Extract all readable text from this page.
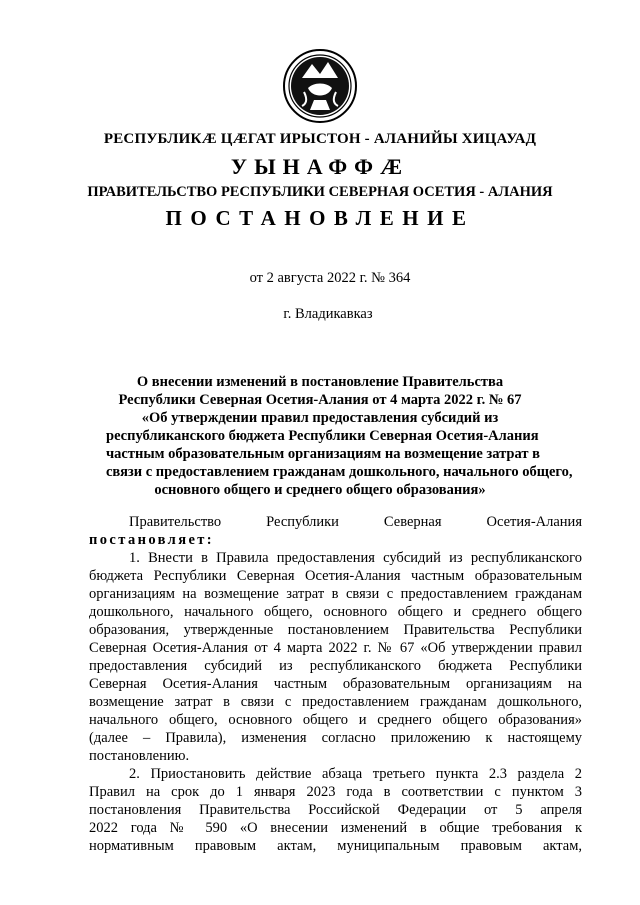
РЕСПУБЛИКӔ ЦӔГАТ ИРЫСТОН - АЛАНИЙЫ ХИЦАУАД
УЫНАФФӔ
ПРАВИТЕЛЬСТВО РЕСПУБЛИКИ СЕВЕРНАЯ ОСЕТИЯ - АЛАНИЯ
ПОСТАНОВЛЕНИЕ
от 2 августа 2022 г. № 364
г. Владикавказ
О внесении изменений в постановление Правительства
Республики Северная Осетия-Алания от 4 марта 2022 г. № 67
«Об утверждении правил предоставления субсидий из
республиканского бюджета Республики Северная Осетия-Алания
частным образовательным организациям на возмещение затрат в
связи с предоставлением гражданам дошкольного, начального общего,
основного общего и среднего общего образования»
Правительство Республики Северная Осетия-Алания
постановляет:
1. Внести в Правила предоставления субсидий из республиканского
бюджета Республики Северная Осетия-Алания частным образовательным
организациям на возмещение затрат в связи с предоставлением гражданам
дошкольного, начального общего, основного общего и среднего общего
образования, утвержденные постановлением Правительства Республики
Северная Осетия-Алания от 4 марта 2022 г. № 67 «Об утверждении правил
предоставления субсидий из республиканского бюджета Республики
Северная Осетия-Алания частным образовательным организациям на
возмещение затрат в связи с предоставлением гражданам дошкольного,
начального общего, основного общего и среднего общего образования»
(далее – Правила), изменения согласно приложению к настоящему
постановлению.
2. Приостановить действие абзаца третьего пункта 2.3 раздела 2
Правил на срок до 1 января 2023 года в соответствии с пунктом 3
постановления Правительства Российской Федерации от 5 апреля
2022 года № 590 «О внесении изменений в общие требования к
нормативным правовым актам, муниципальным правовым актам,
